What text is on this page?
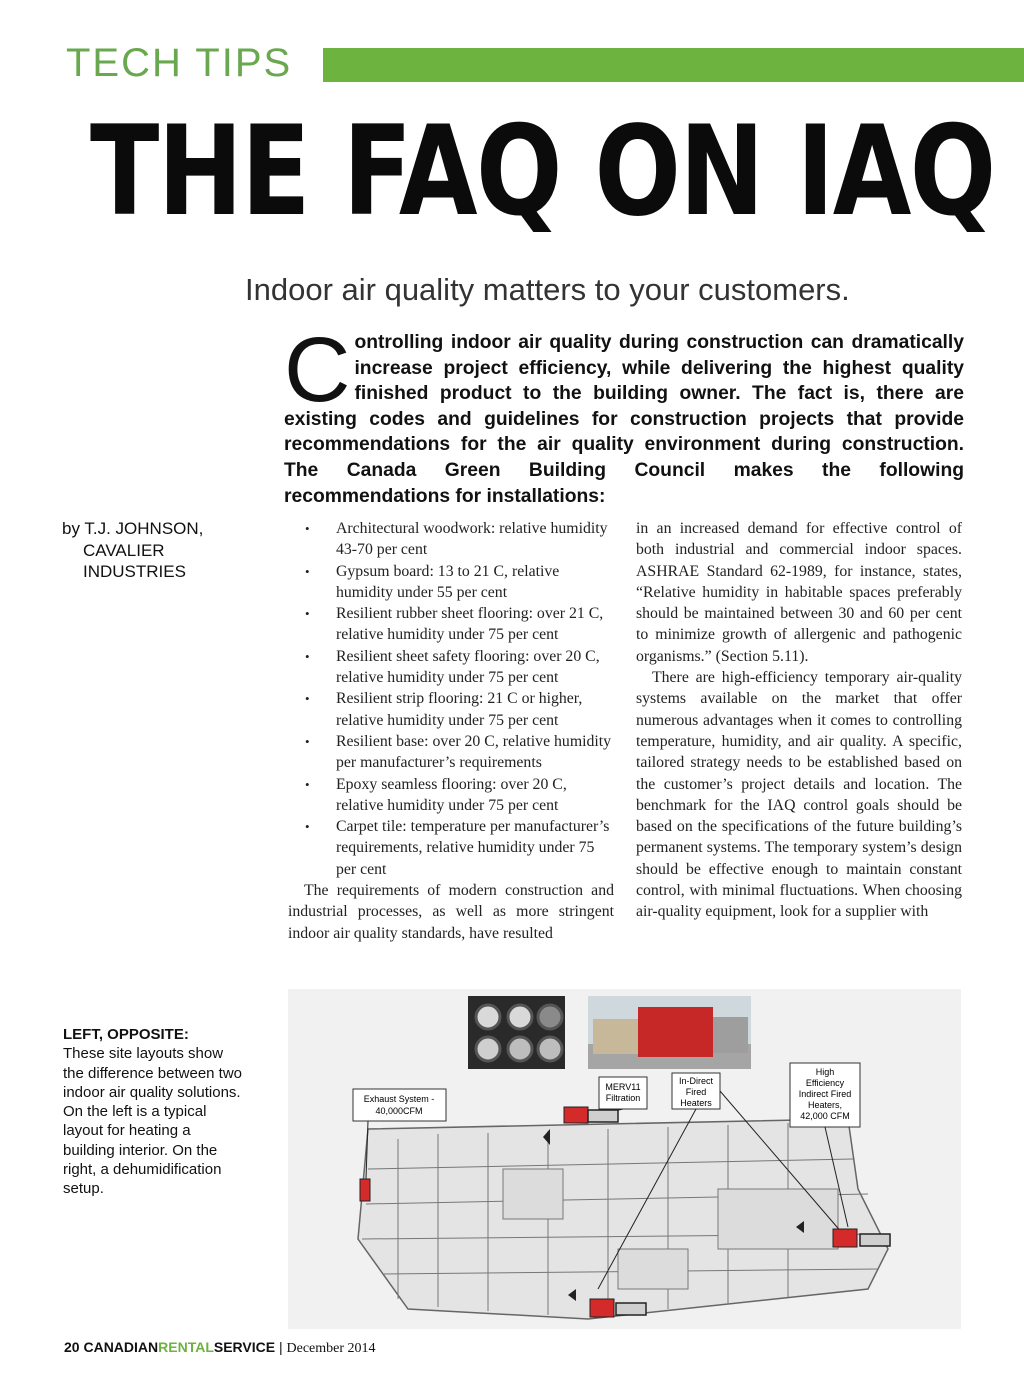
TECH TIPS
THE FAQ ON IAQ
Indoor air quality matters to your customers.
Controlling indoor air quality during construction can dramatically increase project efficiency, while delivering the highest quality finished product to the building owner. The fact is, there are existing codes and guidelines for construction projects that provide recommendations for the air quality environment during construction. The Canada Green Building Council makes the following recommendations for installations:
by T.J. JOHNSON,
CAVALIER
INDUSTRIES
• Architectural woodwork: relative humidity 43-70 per cent
• Gypsum board: 13 to 21 C, relative humidity under 55 per cent
• Resilient rubber sheet flooring: over 21 C, relative humidity under 75 per cent
• Resilient sheet safety flooring: over 20 C, relative humidity under 75 per cent
• Resilient strip flooring: 21 C or higher, relative humidity under 75 per cent
• Resilient base: over 20 C, relative humidity per manufacturer’s requirements
• Epoxy seamless flooring: over 20 C, relative humidity under 75 per cent
• Carpet tile: temperature per manufacturer’s requirements, relative humidity under 75 per cent

The requirements of modern construction and industrial processes, as well as more stringent indoor air quality standards, have resulted

in an increased demand for effective control of both industrial and commercial indoor spaces. ASHRAE Standard 62-1989, for instance, states, “Relative humidity in habitable spaces preferably should be maintained between 30 and 60 per cent to minimize growth of allergenic and pathogenic organisms.” (Section 5.11).

There are high-efficiency temporary air-quality systems available on the market that offer numerous advantages when it comes to controlling temperature, humidity, and air quality. A specific, tailored strategy needs to be established based on the customer’s project details and location. The benchmark for the IAQ control goals should be based on the specifications of the future building’s permanent systems. The temporary system’s design should be effective enough to maintain constant control, with minimal fluctuations. When choosing air-quality equipment, look for a supplier with

LEFT, OPPOSITE:
These site layouts show the difference between two indoor air quality solutions. On the left is a typical layout for heating a building interior. On the right, a dehumidification setup.
Exhaust System -
40,000CFM
MERV11
Filtration
In-Direct
Fired
Heaters
High
Efficiency
Indirect Fired
Heaters,
42,000 CFM
20 CANADIANRENTALSERVICE | December 2014
